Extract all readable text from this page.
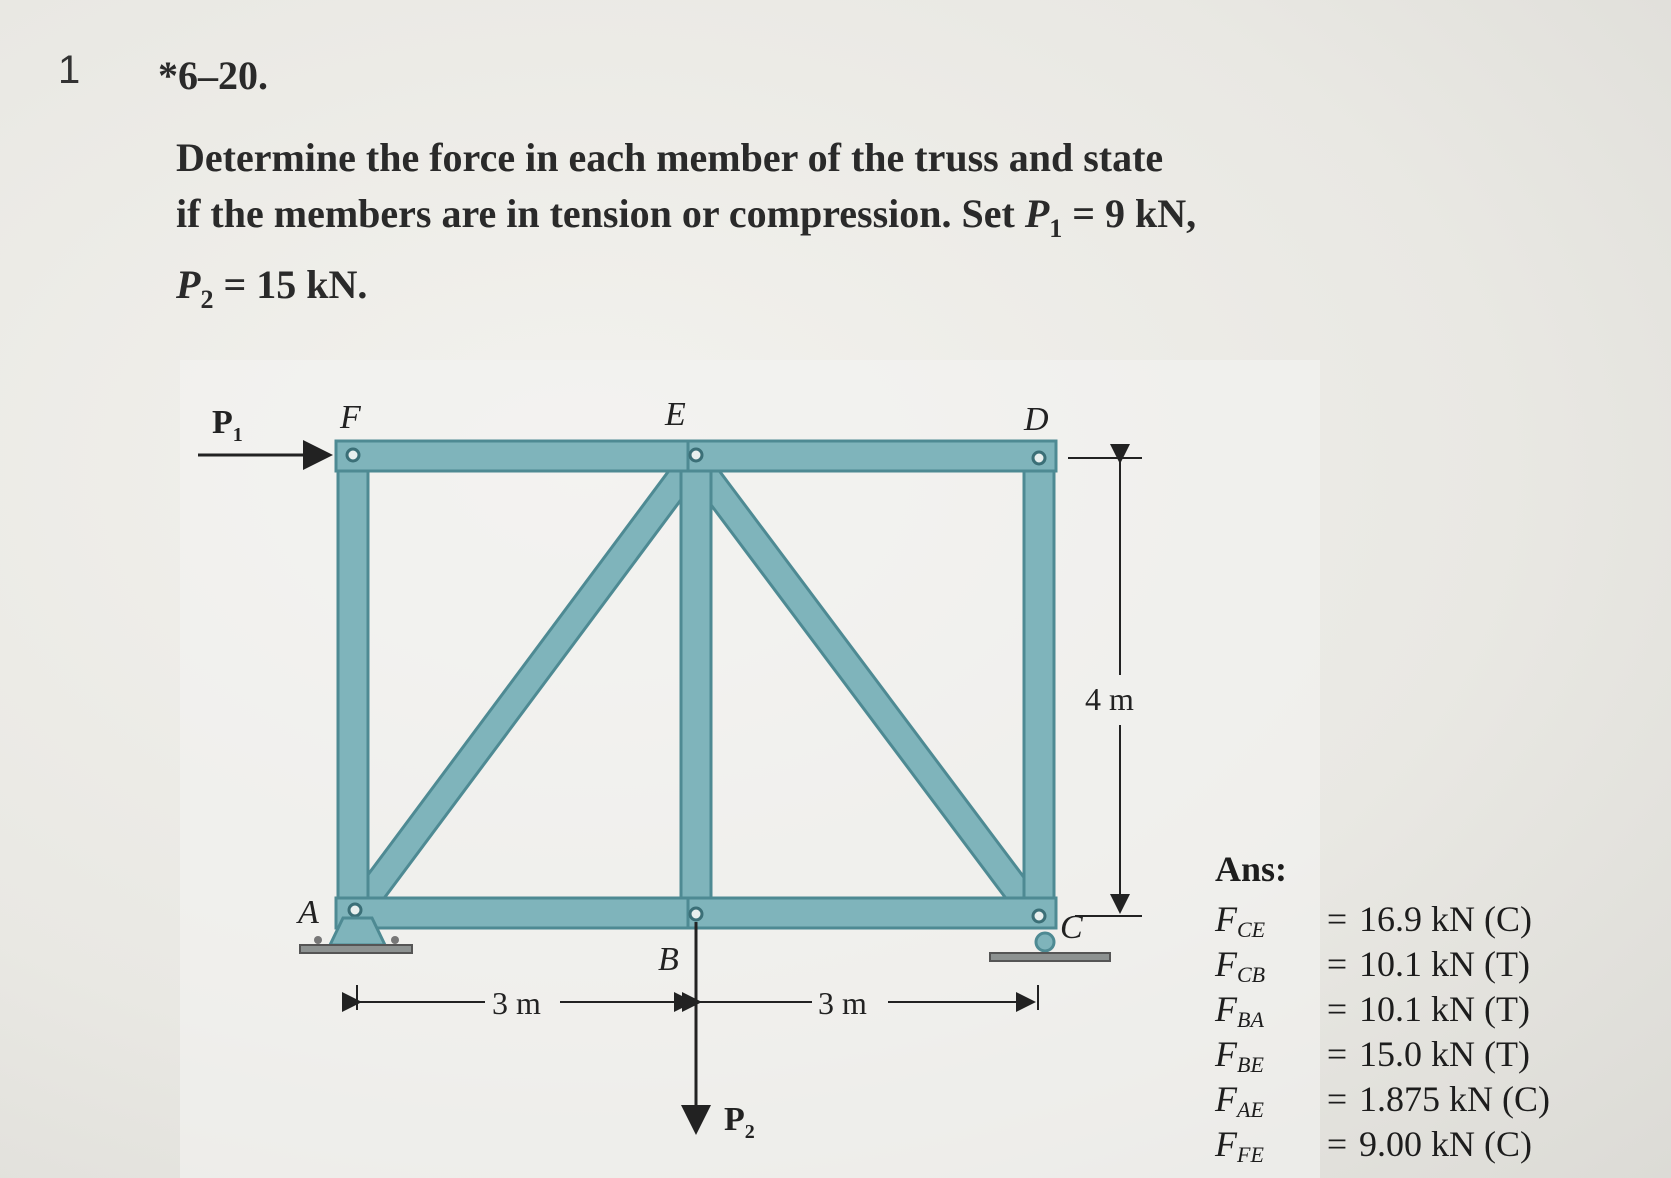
1 *6–20.
Determine the force in each member of the truss and state
if the members are in tension or compression. Set $P_1 = 9$ kN,
$P_2 = 15$ kN.
$P_1$	F	E	D
A
B
C
4 m
3 m	3 m
$P_2$
Ans:
$F_{CE} = 16.9$ kN (C)
$F_{CB} = 10.1$ kN (T)
$F_{BA} = 10.1$ kN (T)
$F_{BE} = 15.0$ kN (T)
$F_{AE} = 1.875$ kN (C)
$F_{FE} = 9.00$ kN (C)
